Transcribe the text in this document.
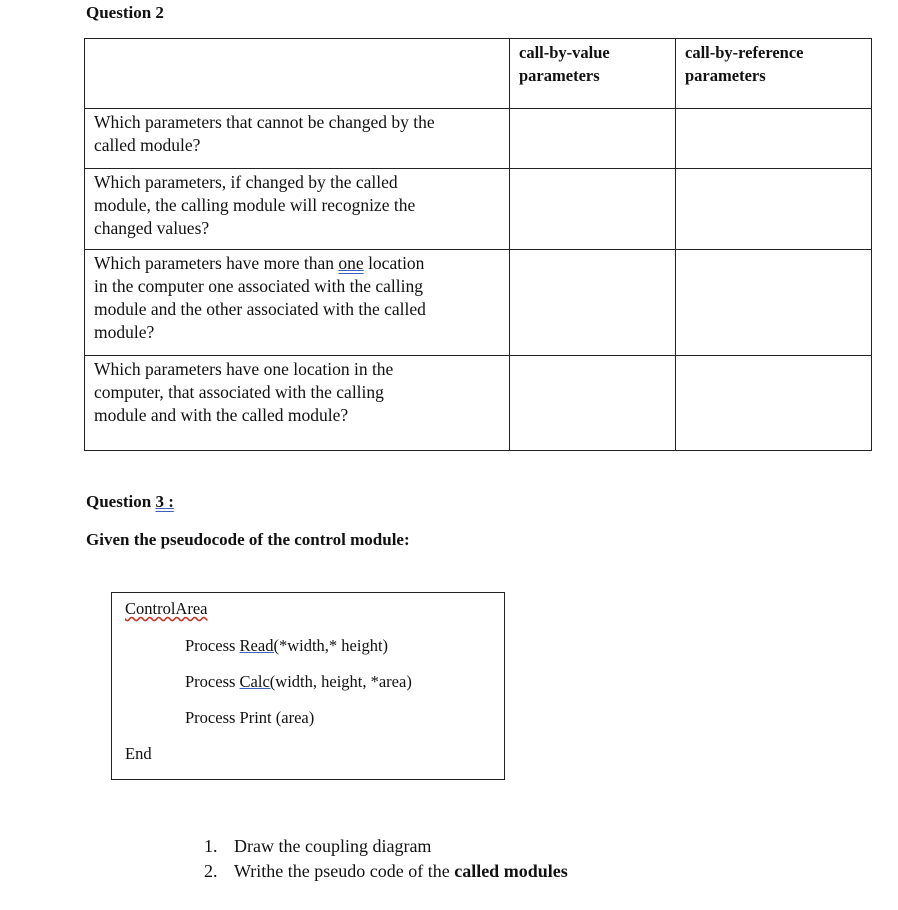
Question 2
	call-by-value parameters	call-by-reference parameters

Which parameters that cannot be changed by the called module?		

Which parameters, if changed by the called module, the calling module will recognize the changed values?		

Which parameters have more than one location in the computer one associated with the calling module and the other associated with the called module?		

Which parameters have one location in the computer, that associated with the calling module and with the called module?		

Question 3 :

Given the pseudocode of the control module:

ControlArea

Process Read(*width,* height)

Process Calc(width, height, *area)

Process Print (area)

End

1. Draw the coupling diagram
2. Writhe the pseudo code of the called modules
